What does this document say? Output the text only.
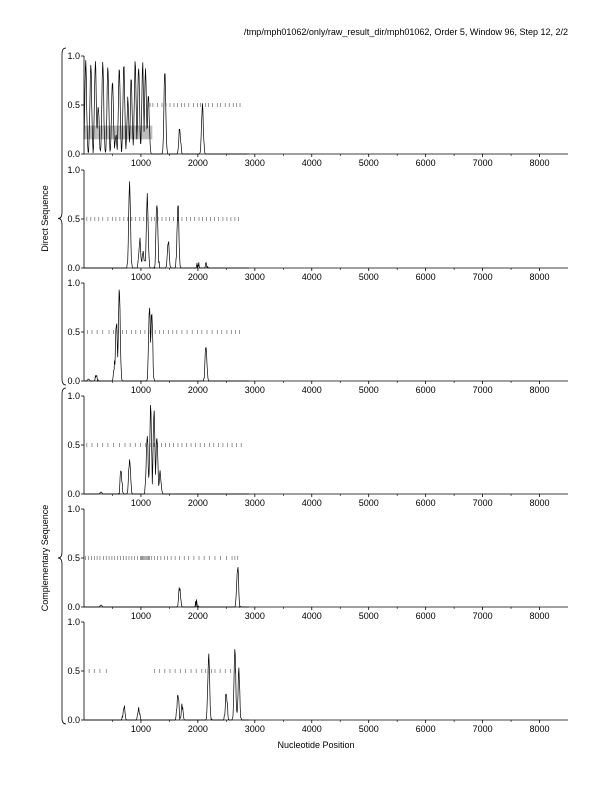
/tmp/mph01062/only/raw_result_dir/mph01062, Order 5, Window 96, Step 12, 2/2
0.0
0.5
1.0
1000	2000	3000	4000	5000	6000	7000	8000
0.0
0.5
1.0
1000	2000	3000	4000	5000	6000	7000	8000
0.0
0.5
1.0
1000	2000	3000	4000	5000	6000	7000	8000
0.0
0.5
1.0
1000	2000	3000	4000	5000	6000	7000	8000
0.0
0.5
1.0
1000	2000	3000	4000	5000	6000	7000	8000
0.0
0.5
1.0
1000	2000	3000	4000	5000	6000	7000	8000
Direct Sequence
Complementary Sequence
Nucleotide Position
